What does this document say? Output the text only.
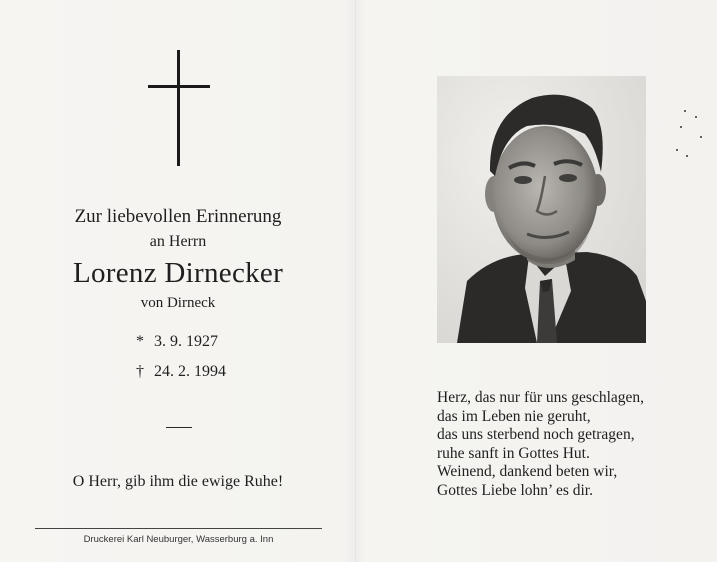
Zur liebevollen Erinnerung
an Herrn
Lorenz Dirnecker
von Dirneck
* 3. 9. 1927
† 24. 2. 1994
O Herr, gib ihm die ewige Ruhe!
Druckerei Karl Neuburger, Wasserburg a. Inn
Herz, das nur für uns geschlagen,
das im Leben nie geruht,
das uns sterbend noch getragen,
ruhe sanft in Gottes Hut.
Weinend, dankend beten wir,
Gottes Liebe lohn’ es dir.
